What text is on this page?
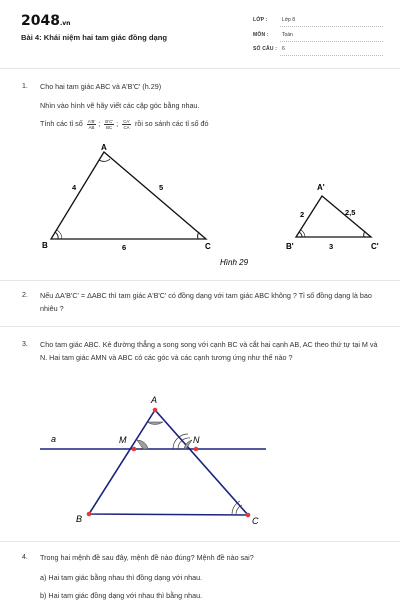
2048.vn
Bài 4: Khái niệm hai tam giác đồng dạng
LỚP :	Lớp 8
MÔN :	Toán
SỐ CÂU : 6
1. Cho hai tam giác ABC và A'B'C' (h.29)
Nhìn vào hình vẽ hãy viết các cặp góc bằng nhau.
Tính các tỉ số $\frac{A'B'}{AB}$ ; $\frac{B'C'}{BC}$ ; $\frac{CA'}{CA}$ rồi so sánh các tỉ số đó
A
B	C
4	5
6
A'
B'	C'
2	2,5
3
Hình 29
2. Nếu ΔA'B'C' = ΔABC thì tam giác A'B'C' có đồng dạng với tam giác ABC không ? Tỉ số đồng dạng là bao nhiêu ?
3. Cho tam giác ABC. Kẻ đường thẳng a song song với cạnh BC và cắt hai cạnh AB, AC theo thứ tự tại M và N. Hai tam giác AMN và ABC có các góc và các cạnh tương ứng như thế nào ?
A
M	N
B	C
a
4. Trong hai mệnh đề sau đây, mệnh đề nào đúng? Mệnh đề nào sai?
a) Hai tam giác bằng nhau thì đồng dạng với nhau.
b) Hai tam giác đồng dạng với nhau thì bằng nhau.
